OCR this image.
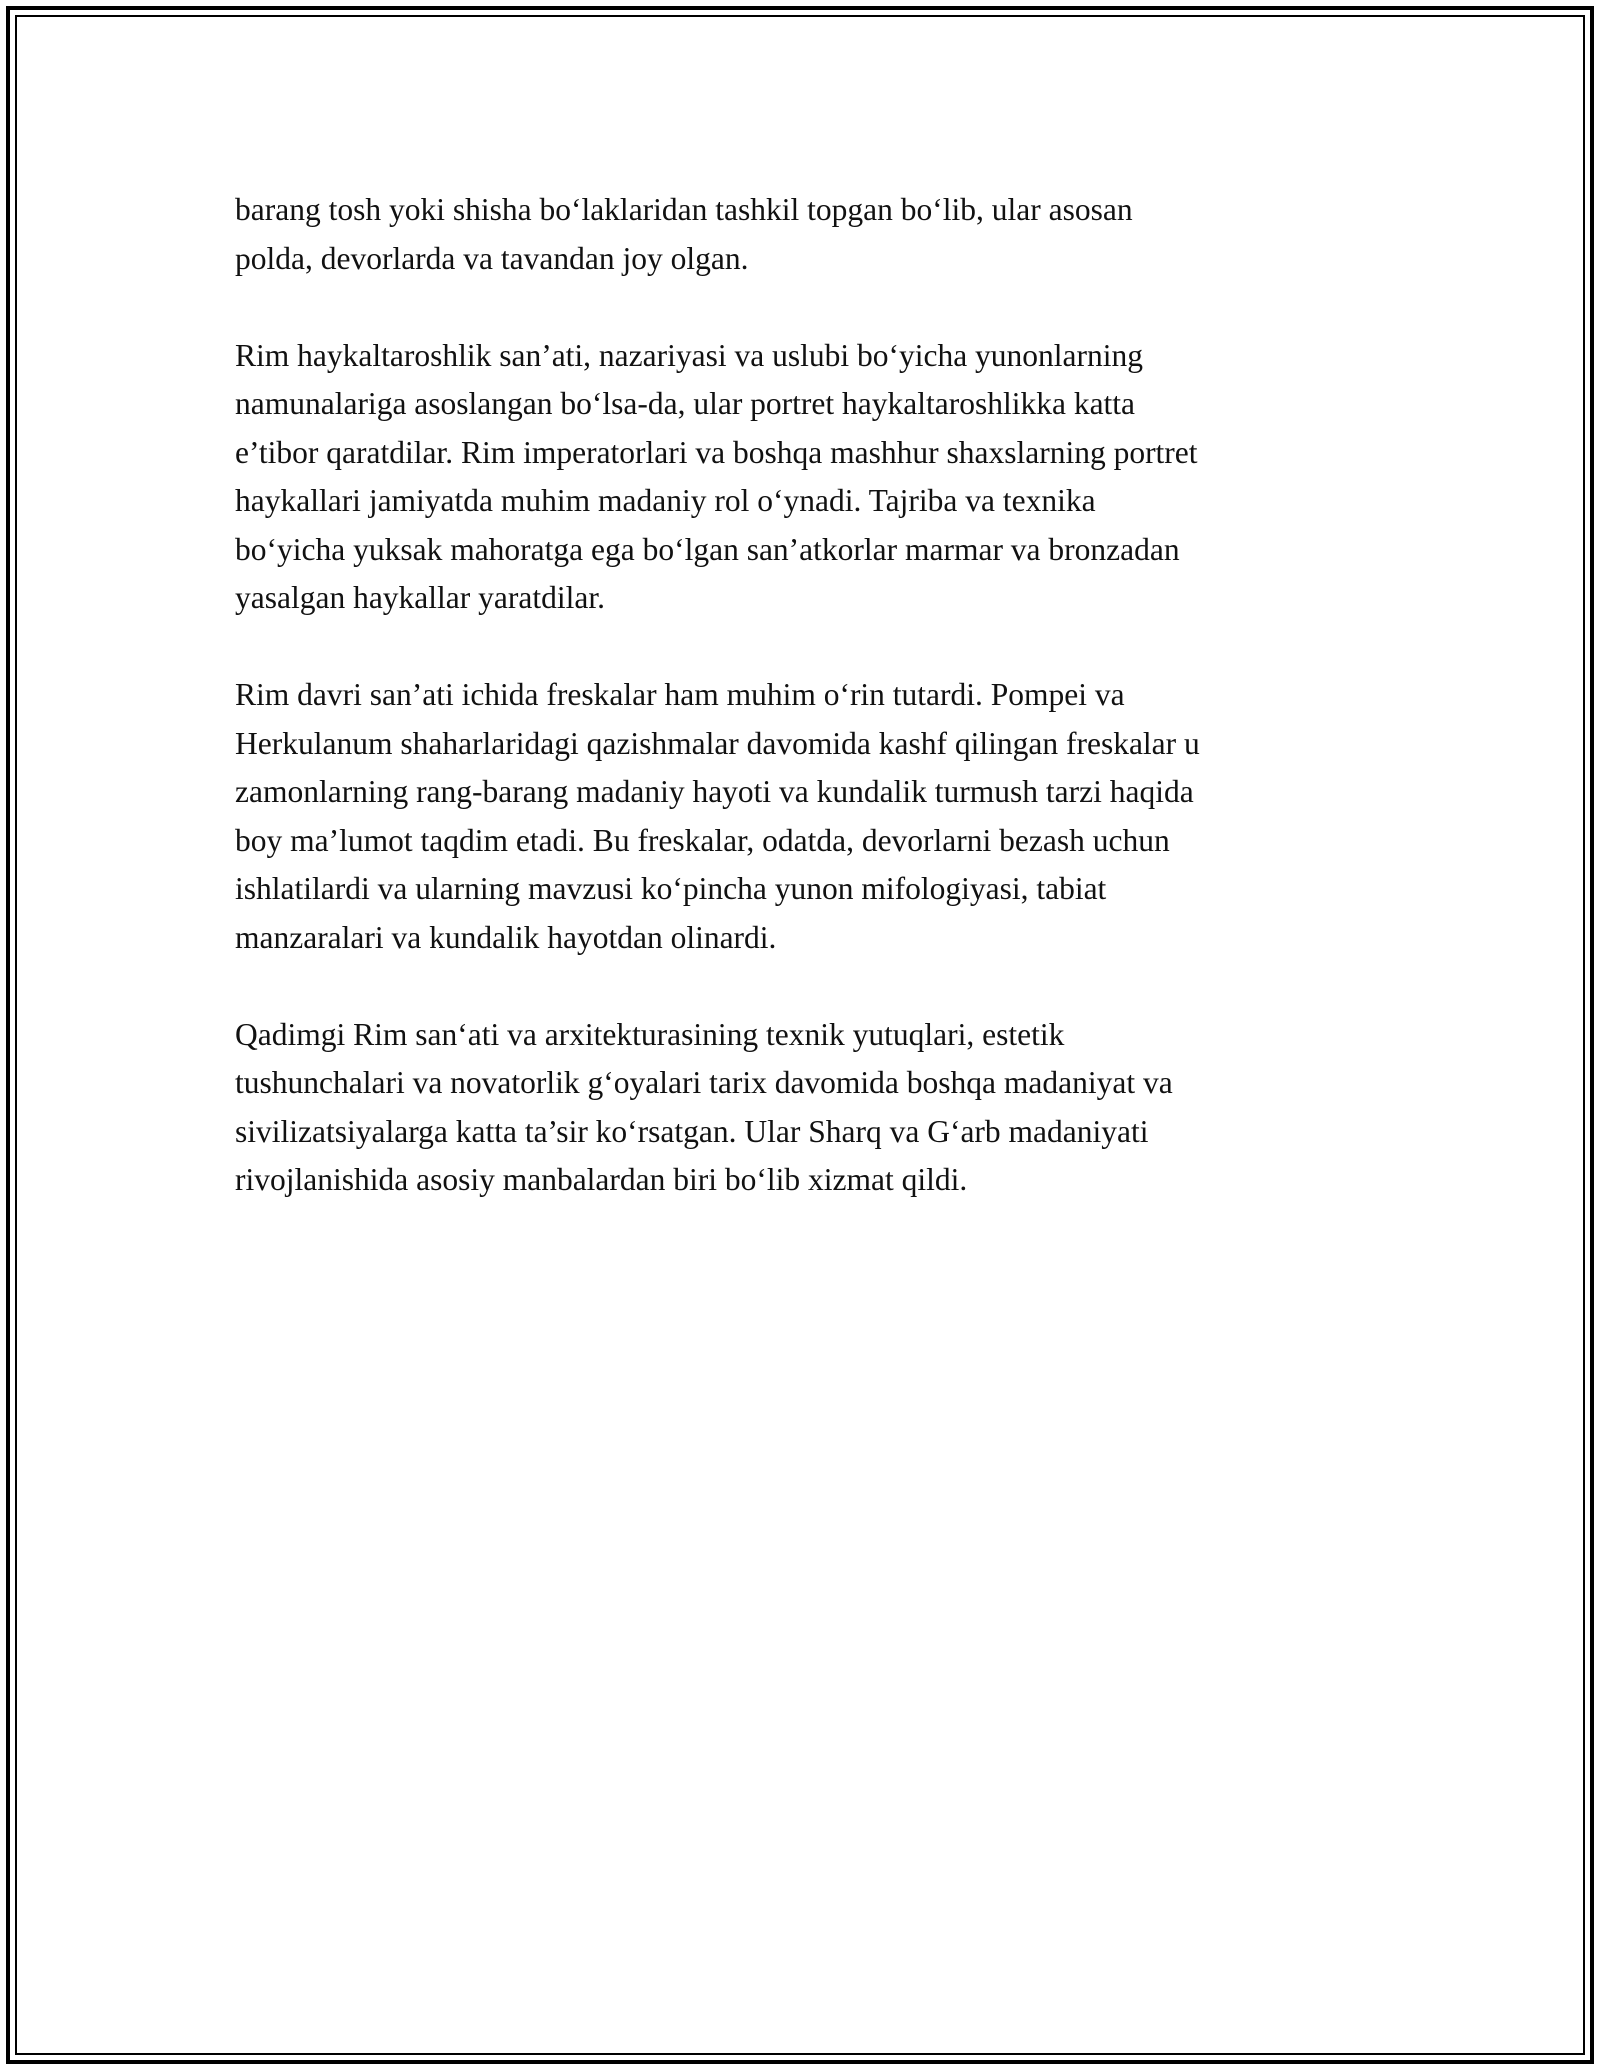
barang tosh yoki shisha bo‘laklaridan tashkil topgan bo‘lib, ular asosan
polda, devorlarda va tavandan joy olgan.

Rim haykaltaroshlik san’ati, nazariyasi va uslubi bo‘yicha yunonlarning
namunalariga asoslangan bo‘lsa-da, ular portret haykaltaroshlikka katta
e’tibor qaratdilar. Rim imperatorlari va boshqa mashhur shaxslarning portret
haykallari jamiyatda muhim madaniy rol o‘ynadi. Tajriba va texnika
bo‘yicha yuksak mahoratga ega bo‘lgan san’atkorlar marmar va bronzadan
yasalgan haykallar yaratdilar.

Rim davri san’ati ichida freskalar ham muhim o‘rin tutardi. Pompei va
Herkulanum shaharlaridagi qazishmalar davomida kashf qilingan freskalar u
zamonlarning rang-barang madaniy hayoti va kundalik turmush tarzi haqida
boy ma’lumot taqdim etadi. Bu freskalar, odatda, devorlarni bezash uchun
ishlatilardi va ularning mavzusi ko‘pincha yunon mifologiyasi, tabiat
manzaralari va kundalik hayotdan olinardi.

Qadimgi Rim san‘ati va arxitekturasining texnik yutuqlari, estetik
tushunchalari va novatorlik g‘oyalari tarix davomida boshqa madaniyat va
sivilizatsiyalarga katta ta’sir ko‘rsatgan. Ular Sharq va G‘arb madaniyati
rivojlanishida asosiy manbalardan biri bo‘lib xizmat qildi.
